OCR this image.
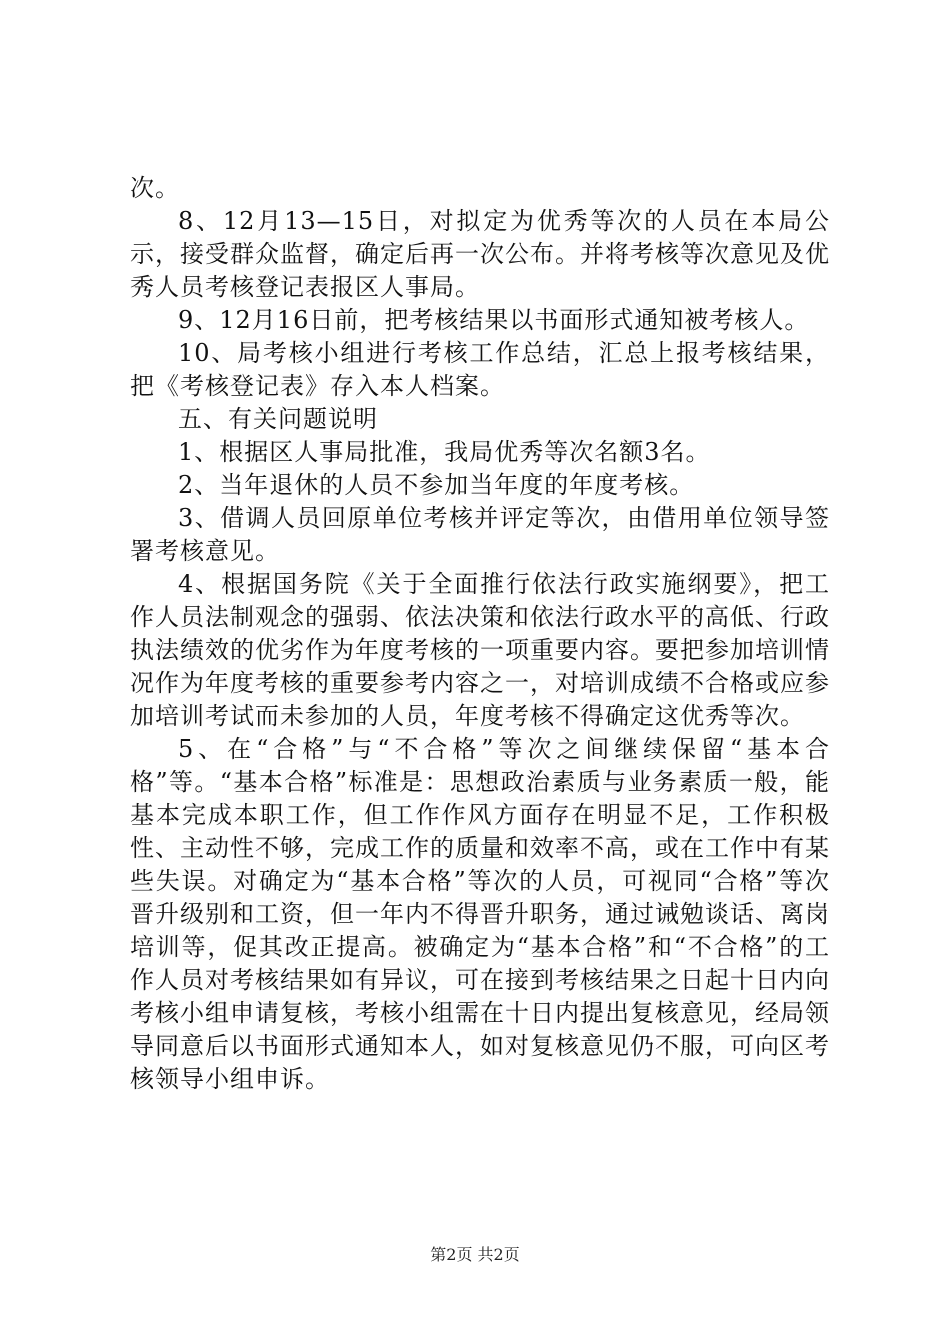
次。

8、12月13—15日，对拟定为优秀等次的人员在本局公示，接受群众监督，确定后再一次公布。并将考核等次意见及优秀人员考核登记表报区人事局。

9、12月16日前，把考核结果以书面形式通知被考核人。

10、局考核小组进行考核工作总结，汇总上报考核结果，把《考核登记表》存入本人档案。

五、有关问题说明

1、根据区人事局批准，我局优秀等次名额3名。

2、当年退休的人员不参加当年度的年度考核。

3、借调人员回原单位考核并评定等次，由借用单位领导签署考核意见。

4、根据国务院《关于全面推行依法行政实施纲要》，把工作人员法制观念的强弱、依法决策和依法行政水平的高低、行政执法绩效的优劣作为年度考核的一项重要内容。要把参加培训情况作为年度考核的重要参考内容之一，对培训成绩不合格或应参加培训考试而未参加的人员，年度考核不得确定这优秀等次。

5、在“合格”与“不合格”等次之间继续保留“基本合格”等。“基本合格”标准是：思想政治素质与业务素质一般，能基本完成本职工作，但工作作风方面存在明显不足，工作积极性、主动性不够，完成工作的质量和效率不高，或在工作中有某些失误。对确定为“基本合格”等次的人员，可视同“合格”等次晋升级别和工资，但一年内不得晋升职务，通过诫勉谈话、离岗培训等，促其改正提高。被确定为“基本合格”和“不合格”的工作人员对考核结果如有异议，可在接到考核结果之日起十日内向考核小组申请复核，考核小组需在十日内提出复核意见，经局领导同意后以书面形式通知本人，如对复核意见仍不服，可向区考核领导小组申诉。

第2页 共2页
